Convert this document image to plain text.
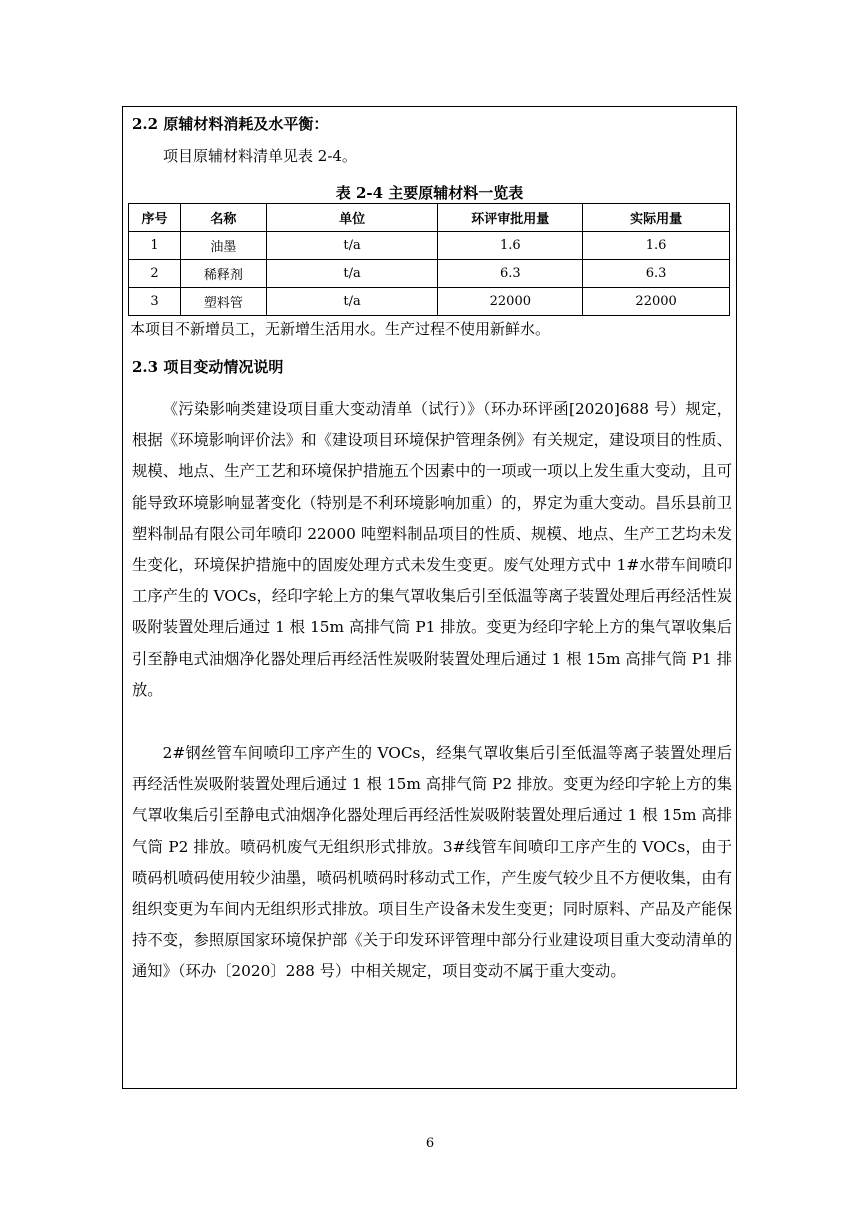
2.2 原辅材料消耗及水平衡：
项目原辅材料清单见表 2-4。
表 2-4 主要原辅材料一览表
序号	名称	单位	环评审批用量	实际用量
1	油墨	t/a	1.6	1.6
2	稀释剂	t/a	6.3	6.3
3	塑料管	t/a	22000	22000
本项目不新增员工，无新增生活用水。生产过程不使用新鲜水。
2.3 项目变动情况说明
《污染影响类建设项目重大变动清单（试行）》（环办环评函[2020]688 号）规定，根据《环境影响评价法》和《建设项目环境保护管理条例》有关规定，建设项目的性质、规模、地点、生产工艺和环境保护措施五个因素中的一项或一项以上发生重大变动，且可能导致环境影响显著变化（特别是不利环境影响加重）的，界定为重大变动。昌乐县前卫塑料制品有限公司年喷印 22000 吨塑料制品项目的性质、规模、地点、生产工艺均未发生变化，环境保护措施中的固废处理方式未发生变更。废气处理方式中 1#水带车间喷印工序产生的 VOCs，经印字轮上方的集气罩收集后引至低温等离子装置处理后再经活性炭吸附装置处理后通过 1 根 15m 高排气筒 P1 排放。变更为经印字轮上方的集气罩收集后引至静电式油烟净化器处理后再经活性炭吸附装置处理后通过 1 根 15m 高排气筒 P1 排放。
2#钢丝管车间喷印工序产生的 VOCs，经集气罩收集后引至低温等离子装置处理后再经活性炭吸附装置处理后通过 1 根 15m 高排气筒 P2 排放。变更为经印字轮上方的集气罩收集后引至静电式油烟净化器处理后再经活性炭吸附装置处理后通过 1 根 15m 高排气筒 P2 排放。喷码机废气无组织形式排放。3#线管车间喷印工序产生的 VOCs，由于喷码机喷码使用较少油墨，喷码机喷码时移动式工作，产生废气较少且不方便收集，由有组织变更为车间内无组织形式排放。项目生产设备未发生变更；同时原料、产品及产能保持不变，参照原国家环境保护部《关于印发环评管理中部分行业建设项目重大变动清单的通知》（环办〔2020〕288 号）中相关规定，项目变动不属于重大变动。
6
